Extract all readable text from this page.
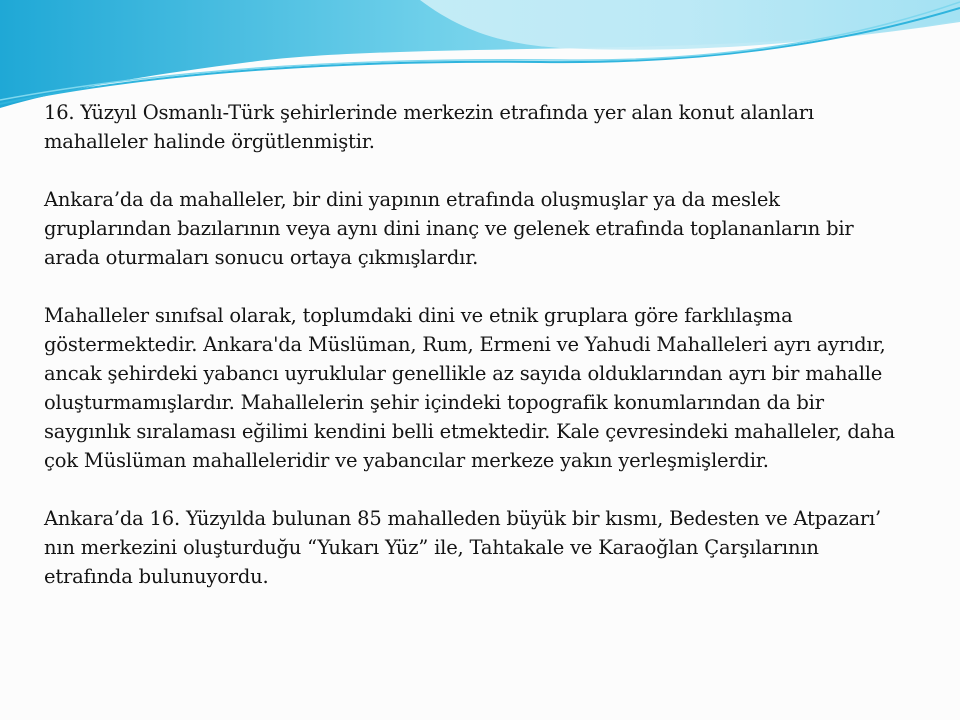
16. Yüzyıl Osmanlı-Türk şehirlerinde merkezin etrafında yer alan konut alanları mahalleler halinde örgütlenmiştir.

Ankara’da da mahalleler, bir dini yapının etrafında oluşmuşlar ya da meslek gruplarından bazılarının veya aynı dini inanç ve gelenek etrafında toplananların bir arada oturmaları sonucu ortaya çıkmışlardır.

Mahalleler sınıfsal olarak, toplumdaki dini ve etnik gruplara göre farklılaşma göstermektedir. Ankara'da Müslüman, Rum, Ermeni ve Yahudi Mahalleleri ayrı ayrıdır, ancak şehirdeki yabancı uyruklular genellikle az sayıda olduklarından ayrı bir mahalle oluşturmamışlardır. Mahallelerin şehir içindeki topografik konumlarından da bir saygınlık sıralaması eğilimi kendini belli etmektedir. Kale çevresindeki mahalleler, daha çok Müslüman mahalleleridir ve yabancılar merkeze yakın yerleşmişlerdir.

Ankara’da 16. Yüzyılda bulunan 85 mahalleden büyük bir kısmı, Bedesten ve Atpazarı’ nın merkezini oluşturduğu “Yukarı Yüz” ile, Tahtakale ve Karaoğlan Çarşılarının etrafında bulunuyordu.
